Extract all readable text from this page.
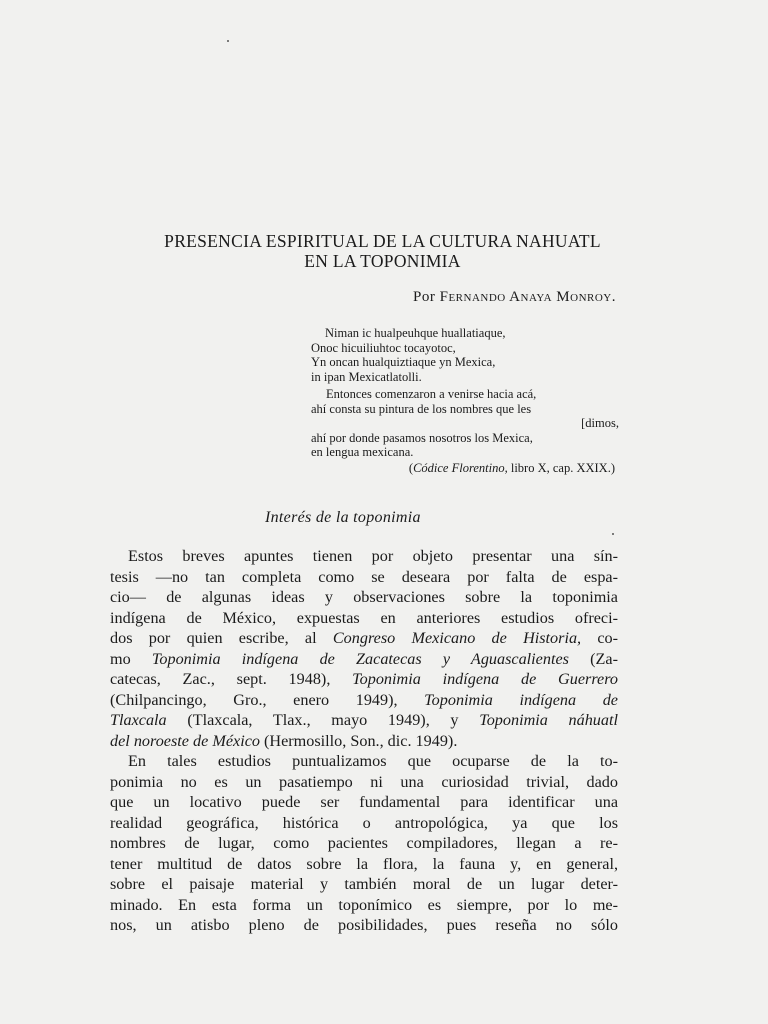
PRESENCIA ESPIRITUAL DE LA CULTURA NAHUATL
EN LA TOPONIMIA
Por Fernando Anaya Monroy.
Niman ic hualpeuhque huallatiaque,
Onoc hicuiliuhtoc tocayotoc,
Yn oncan hualquiztiaque yn Mexica,
in ipan Mexicatlatolli.
Entonces comenzaron a venirse hacia acá,
ahí consta su pintura de los nombres que les
[dimos,
ahí por donde pasamos nosotros los Mexica,
en lengua mexicana.
(Códice Florentino, libro X, cap. XXIX.)
Interés de la toponimia
Estos breves apuntes tienen por objeto presentar una sín-
tesis —no tan completa como se deseara por falta de espa-
cio— de algunas ideas y observaciones sobre la toponimia
indígena de México, expuestas en anteriores estudios ofreci-
dos por quien escribe, al Congreso Mexicano de Historia, co-
mo Toponimia indígena de Zacatecas y Aguascalientes (Za-
catecas, Zac., sept. 1948), Toponimia indígena de Guerrero
(Chilpancingo, Gro., enero 1949), Toponimia indígena de
Tlaxcala (Tlaxcala, Tlax., mayo 1949), y Toponimia náhuatl
del noroeste de México (Hermosillo, Son., dic. 1949).
En tales estudios puntualizamos que ocuparse de la to-
ponimia no es un pasatiempo ni una curiosidad trivial, dado
que un locativo puede ser fundamental para identificar una
realidad geográfica, histórica o antropológica, ya que los
nombres de lugar, como pacientes compiladores, llegan a re-
tener multitud de datos sobre la flora, la fauna y, en general,
sobre el paisaje material y también moral de un lugar deter-
minado. En esta forma un toponímico es siempre, por lo me-
nos, un atisbo pleno de posibilidades, pues reseña no sólo
